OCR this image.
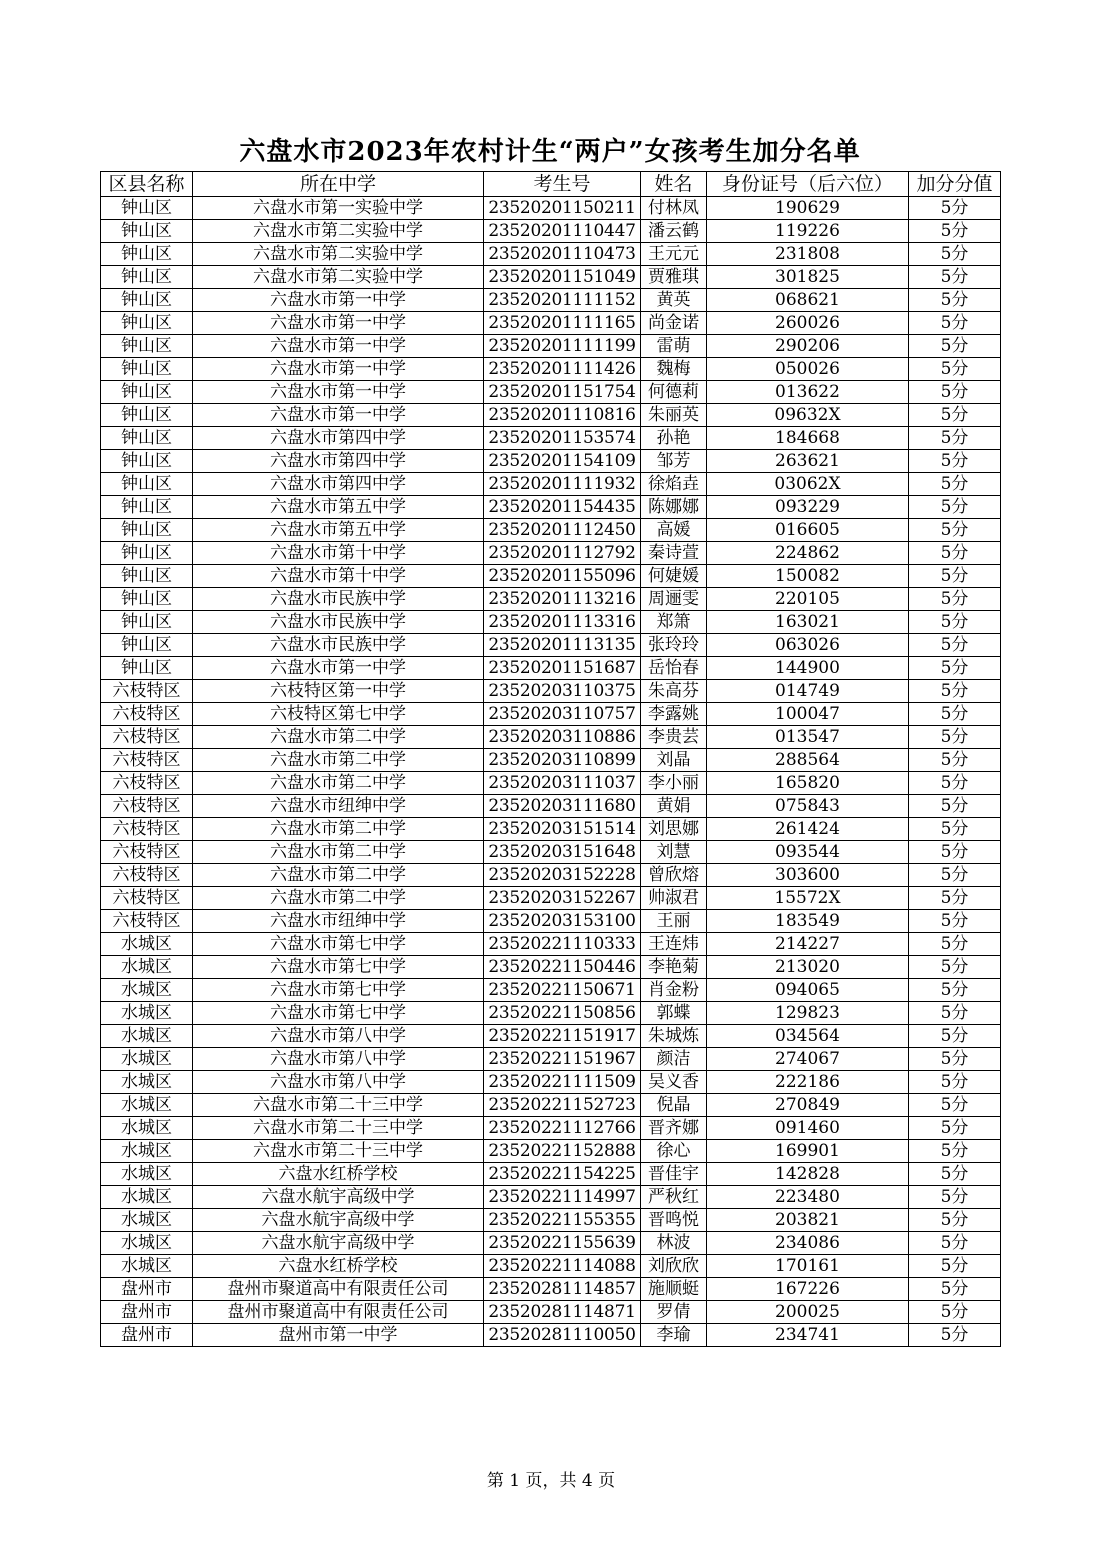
六盘水市2023年农村计生“两户”女孩考生加分名单
区县名称	所在中学	考生号	姓名	身份证号（后六位）	加分分值
钟山区	六盘水市第一实验中学	23520201150211	付林凤	190629	5分
钟山区	六盘水市第二实验中学	23520201110447	潘云鹤	119226	5分
钟山区	六盘水市第二实验中学	23520201110473	王元元	231808	5分
钟山区	六盘水市第二实验中学	23520201151049	贾雅琪	301825	5分
钟山区	六盘水市第一中学	23520201111152	黄英	068621	5分
钟山区	六盘水市第一中学	23520201111165	尚金诺	260026	5分
钟山区	六盘水市第一中学	23520201111199	雷萌	290206	5分
钟山区	六盘水市第一中学	23520201111426	魏梅	050026	5分
钟山区	六盘水市第一中学	23520201151754	何德莉	013622	5分
钟山区	六盘水市第一中学	23520201110816	朱丽英	09632X	5分
钟山区	六盘水市第四中学	23520201153574	孙艳	184668	5分
钟山区	六盘水市第四中学	23520201154109	邹芳	263621	5分
钟山区	六盘水市第四中学	23520201111932	徐焰垚	03062X	5分
钟山区	六盘水市第五中学	23520201154435	陈娜娜	093229	5分
钟山区	六盘水市第五中学	23520201112450	高媛	016605	5分
钟山区	六盘水市第十中学	23520201112792	秦诗萱	224862	5分
钟山区	六盘水市第十中学	23520201155096	何婕媛	150082	5分
钟山区	六盘水市民族中学	23520201113216	周逦雯	220105	5分
钟山区	六盘水市民族中学	23520201113316	郑箫	163021	5分
钟山区	六盘水市民族中学	23520201113135	张玲玲	063026	5分
钟山区	六盘水市第一中学	23520201151687	岳怡春	144900	5分
六枝特区	六枝特区第一中学	23520203110375	朱高芬	014749	5分
六枝特区	六枝特区第七中学	23520203110757	李露姚	100047	5分
六枝特区	六盘水市第二中学	23520203110886	李贵芸	013547	5分
六枝特区	六盘水市第二中学	23520203110899	刘晶	288564	5分
六枝特区	六盘水市第二中学	23520203111037	李小丽	165820	5分
六枝特区	六盘水市纽绅中学	23520203111680	黄娟	075843	5分
六枝特区	六盘水市第二中学	23520203151514	刘思娜	261424	5分
六枝特区	六盘水市第二中学	23520203151648	刘慧	093544	5分
六枝特区	六盘水市第二中学	23520203152228	曾欣熔	303600	5分
六枝特区	六盘水市第二中学	23520203152267	帅淑君	15572X	5分
六枝特区	六盘水市纽绅中学	23520203153100	王丽	183549	5分
水城区	六盘水市第七中学	23520221110333	王连炜	214227	5分
水城区	六盘水市第七中学	23520221150446	李艳菊	213020	5分
水城区	六盘水市第七中学	23520221150671	肖金粉	094065	5分
水城区	六盘水市第七中学	23520221150856	郭蝶	129823	5分
水城区	六盘水市第八中学	23520221151917	朱城炼	034564	5分
水城区	六盘水市第八中学	23520221151967	颜洁	274067	5分
水城区	六盘水市第八中学	23520221111509	吴义香	222186	5分
水城区	六盘水市第二十三中学	23520221152723	倪晶	270849	5分
水城区	六盘水市第二十三中学	23520221112766	晋齐娜	091460	5分
水城区	六盘水市第二十三中学	23520221152888	徐心	169901	5分
水城区	六盘水红桥学校	23520221154225	晋佳宇	142828	5分
水城区	六盘水航宇高级中学	23520221114997	严秋红	223480	5分
水城区	六盘水航宇高级中学	23520221155355	晋鸣悦	203821	5分
水城区	六盘水航宇高级中学	23520221155639	林波	234086	5分
水城区	六盘水红桥学校	23520221114088	刘欣欣	170161	5分
盘州市	盘州市聚道高中有限责任公司	23520281114857	施顺蜓	167226	5分
盘州市	盘州市聚道高中有限责任公司	23520281114871	罗倩	200025	5分
盘州市	盘州市第一中学	23520281110050	李瑜	234741	5分
第 1 页，共 4 页
